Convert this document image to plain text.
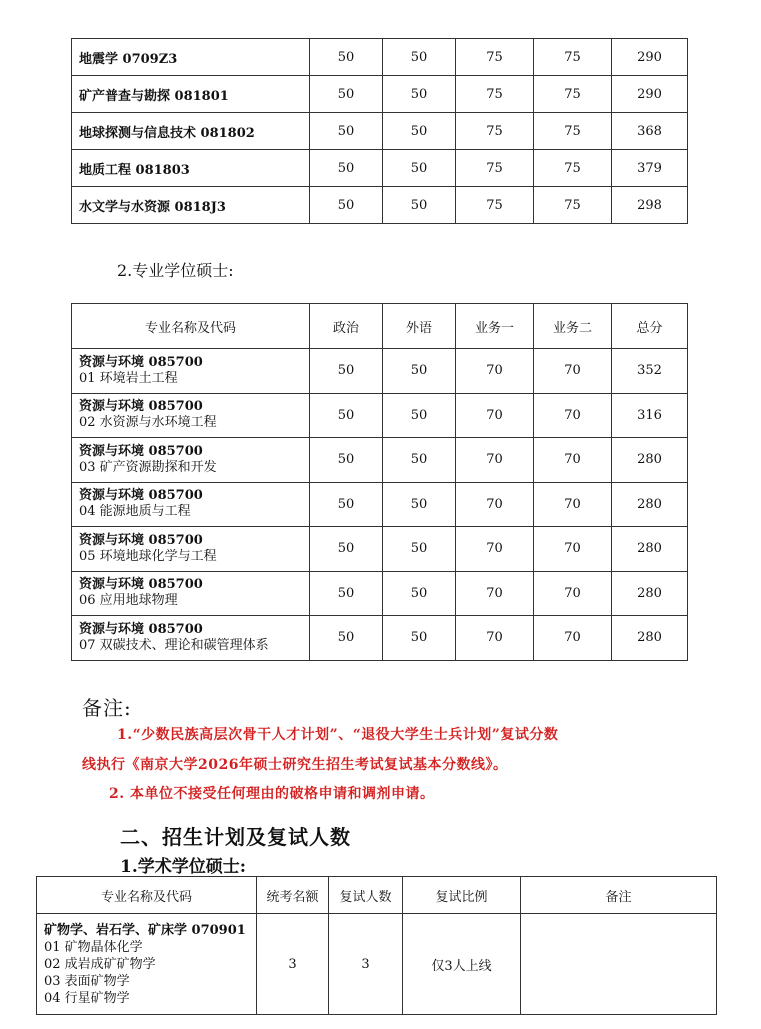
地震学 0709Z3	50	50	75	75	290
矿产普查与勘探 081801	50	50	75	75	290
地球探测与信息技术 081802	50	50	75	75	368
地质工程 081803	50	50	75	75	379
水文学与水资源 0818J3	50	50	75	75	298
2.专业学位硕士:
专业名称及代码	政治	外语	业务一	业务二	总分

资源与环境 085700
01 环境岩土工程	50	50	70	70	352

资源与环境 085700
02 水资源与水环境工程	50	50	70	70	316

资源与环境 085700
03 矿产资源勘探和开发	50	50	70	70	280

资源与环境 085700
04 能源地质与工程	50	50	70	70	280

资源与环境 085700
05 环境地球化学与工程	50	50	70	70	280

资源与环境 085700
06 应用地球物理	50	50	70	70	280

资源与环境 085700
07 双碳技术、理论和碳管理体系	50	50	70	70	280
备注:
1.“少数民族高层次骨干人才计划”、“退役大学生士兵计划”复试分数
线执行《南京大学2026年硕士研究生招生考试复试基本分数线》。
2. 本单位不接受任何理由的破格申请和调剂申请。
二、招生计划及复试人数
1.学术学位硕士:
专业名称及代码	统考名额	复试人数	复试比例	备注

矿物学、岩石学、矿床学 070901
01 矿物晶体化学
02 成岩成矿矿物学
03 表面矿物学
04 行星矿物学	3	3	仅3人上线	
